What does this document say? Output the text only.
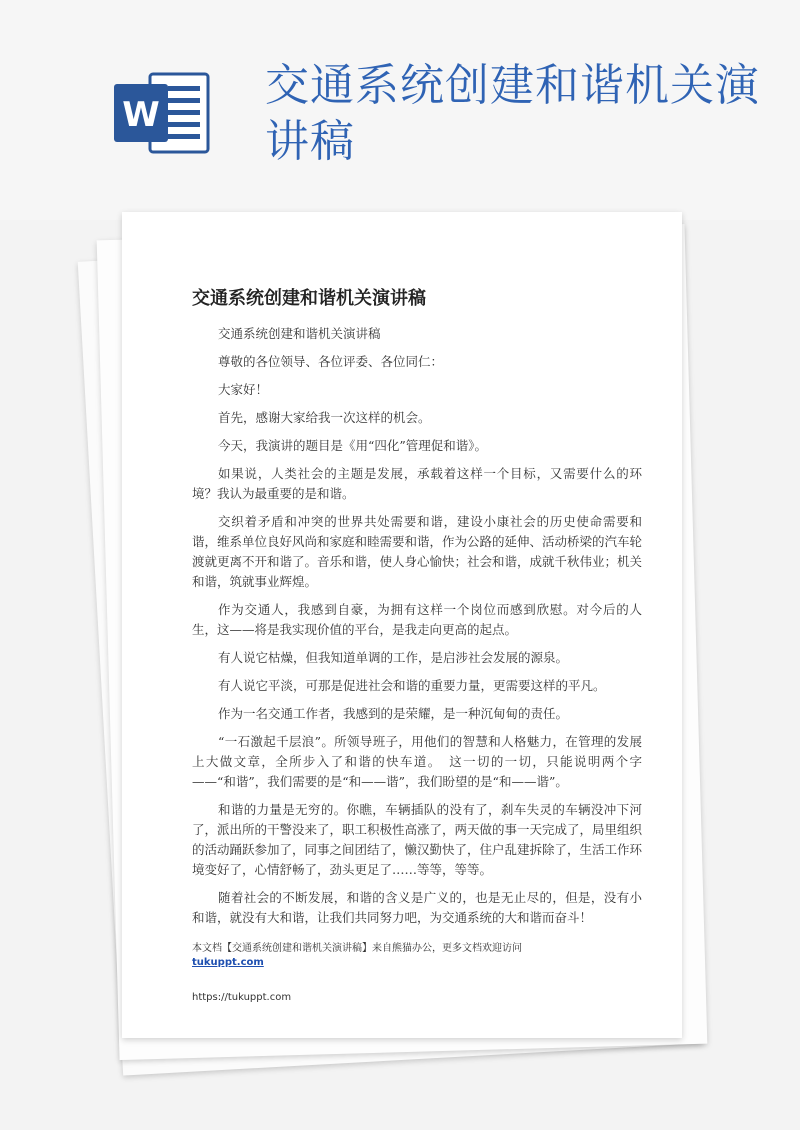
W
交通系统创建和谐机关演讲稿
交通系统创建和谐机关演讲稿

交通系统创建和谐机关演讲稿

尊敬的各位领导、各位评委、各位同仁：

大家好！

首先，感谢大家给我一次这样的机会。

今天，我演讲的题目是《用“四化”管理促和谐》。

如果说，人类社会的主题是发展，承载着这样一个目标，又需要什么的环境？我认为最重要的是和谐。

交织着矛盾和冲突的世界共处需要和谐，建设小康社会的历史使命需要和谐，维系单位良好风尚和家庭和睦需要和谐，作为公路的延伸、活动桥梁的汽车轮渡就更离不开和谐了。音乐和谐，使人身心愉快；社会和谐，成就千秋伟业；机关和谐，筑就事业辉煌。

作为交通人，我感到自豪，为拥有这样一个岗位而感到欣慰。对今后的人生，这——将是我实现价值的平台，是我走向更高的起点。

有人说它枯燥，但我知道单调的工作，是启涉社会发展的源泉。

有人说它平淡，可那是促进社会和谐的重要力量，更需要这样的平凡。

作为一名交通工作者，我感到的是荣耀，是一种沉甸甸的责任。

“一石激起千层浪”。所领导班子，用他们的智慧和人格魅力，在管理的发展上大做文章，全所步入了和谐的快车道。　这一切的一切，只能说明两个字——“和谐”，我们需要的是“和——谐”，我们盼望的是“和——谐”。

和谐的力量是无穷的。你瞧，车辆插队的没有了，刹车失灵的车辆没冲下河了，派出所的干警没来了，职工积极性高涨了，两天做的事一天完成了，局里组织的活动踊跃参加了，同事之间团结了，懒汉勤快了，住户乱建拆除了，生活工作环境变好了，心情舒畅了，劲头更足了……等等，等等。

随着社会的不断发展，和谐的含义是广义的，也是无止尽的，但是，没有小和谐，就没有大和谐，让我们共同努力吧，为交通系统的大和谐而奋斗！

本文档【交通系统创建和谐机关演讲稿】来自熊猫办公，更多文档欢迎访问
tukuppt.com
https://tukuppt.com
